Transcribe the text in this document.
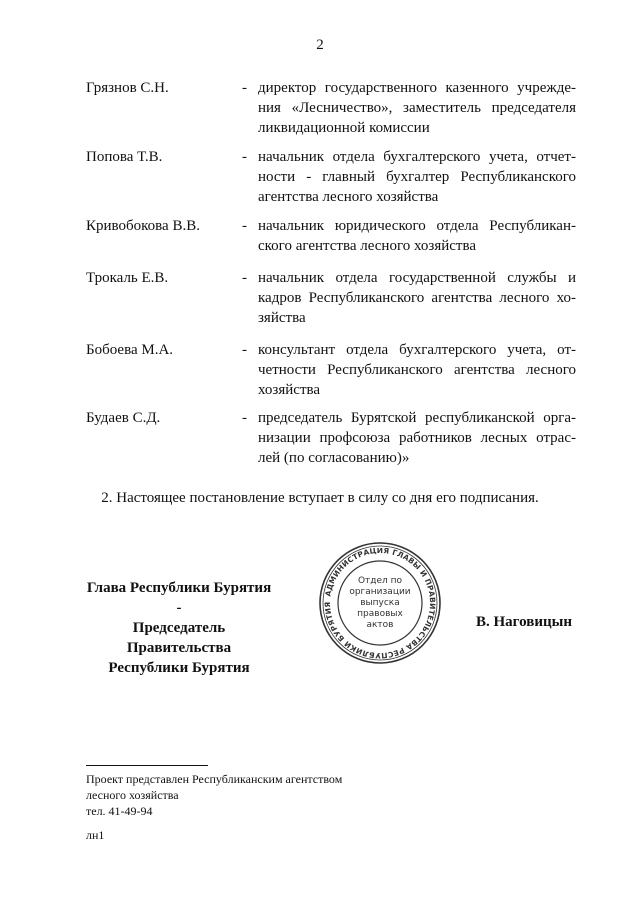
2
Грязнов С.Н.	- директор государственного казенного учрежде-ния «Лесничество», заместитель председателя ликвидационной комиссии
Попова Т.В.	- начальник отдела бухгалтерского учета, отчет-ности - главный бухгалтер Республиканского агентства лесного хозяйства
Кривобокова В.В.	- начальник юридического отдела Республикан-ского агентства лесного хозяйства
Трокаль Е.В.	- начальник отдела государственной службы и кадров Республиканского агентства лесного хо-зяйства
Бобоева М.А.	- консультант отдела бухгалтерского учета, от-четности Республиканского агентства лесного хозяйства
Будаев С.Д.	- председатель Бурятской республиканской орга-низации профсоюза работников лесных отрас-лей (по согласованию)»
2. Настоящее постановление вступает в силу со дня его подписания.
Глава Республики Бурятия -
Председатель Правительства
Республики Бурятия
АДМИНИСТРАЦИЯ ГЛАВЫ И ПРАВИТЕЛЬСТВА РЕСПУБЛИКИ БУРЯТИЯ
Отдел по
организации
выпуска
правовых
актов	В. Наговицын
Проект представлен Республиканским агентством
лесного хозяйства
тел. 41-49-94
лн1
